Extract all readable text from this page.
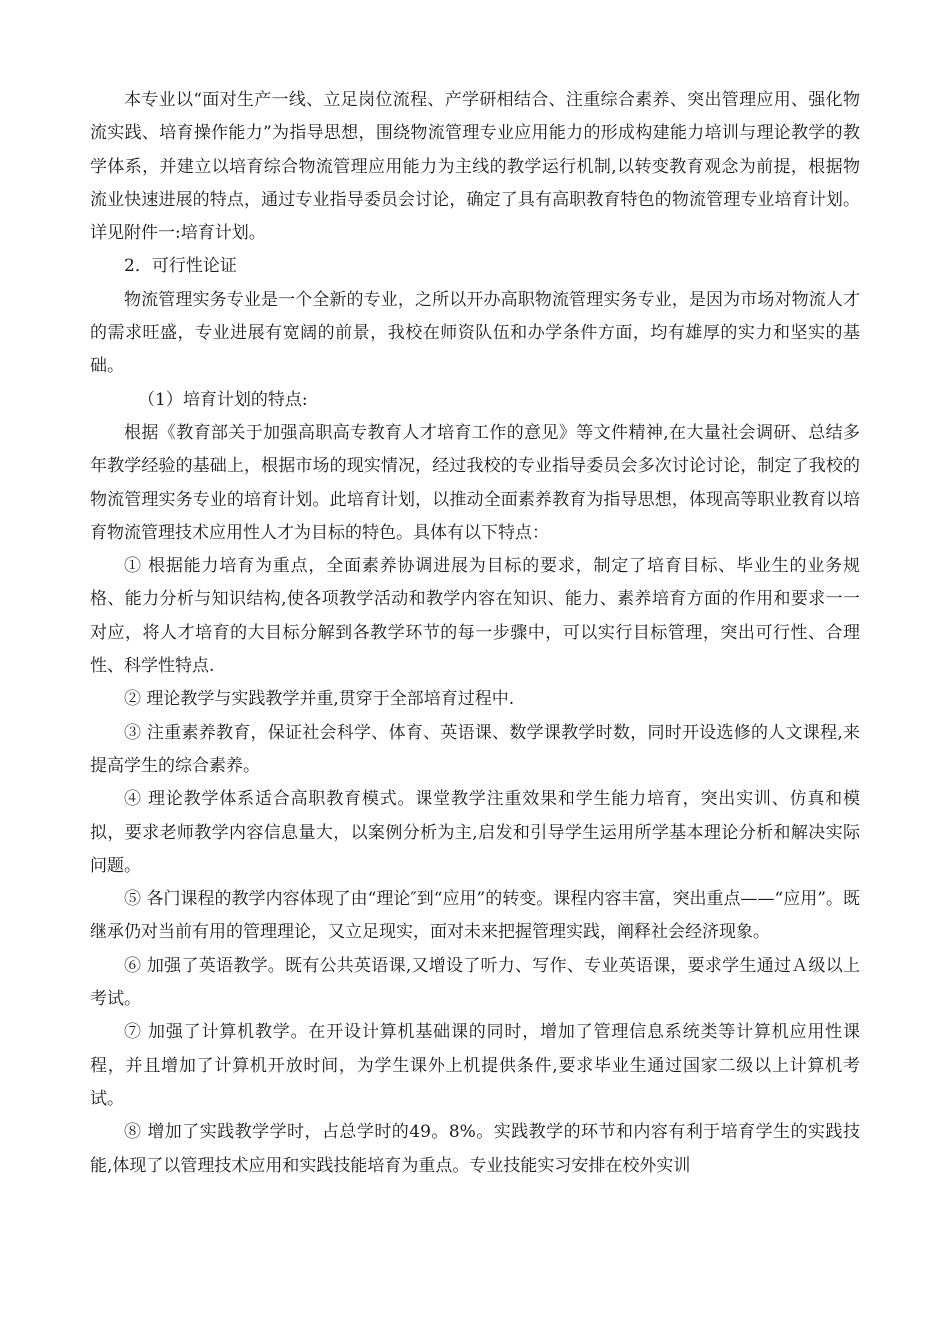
本专业以“面对生产一线、立足岗位流程、产学研相结合、注重综合素养、突出管理应用、强化物流实践、培育操作能力”为指导思想，围绕物流管理专业应用能力的形成构建能力培训与理论教学的教学体系，并建立以培育综合物流管理应用能力为主线的教学运行机制,以转变教育观念为前提，根据物流业快速进展的特点，通过专业指导委员会讨论，确定了具有高职教育特色的物流管理专业培育计划。详见附件一:培育计划。

2．可行性论证

物流管理实务专业是一个全新的专业，之所以开办高职物流管理实务专业，是因为市场对物流人才的需求旺盛，专业进展有宽阔的前景，我校在师资队伍和办学条件方面，均有雄厚的实力和坚实的基础。

（1）培育计划的特点:

根据《教育部关于加强高职高专教育人才培育工作的意见》等文件精神,在大量社会调研、总结多年教学经验的基础上，根据市场的现实情况，经过我校的专业指导委员会多次讨论讨论，制定了我校的物流管理实务专业的培育计划。此培育计划，以推动全面素养教育为指导思想，体现高等职业教育以培育物流管理技术应用性人才为目标的特色。具体有以下特点：

① 根据能力培育为重点，全面素养协调进展为目标的要求，制定了培育目标、毕业生的业务规格、能力分析与知识结构,使各项教学活动和教学内容在知识、能力、素养培育方面的作用和要求一一对应，将人才培育的大目标分解到各教学环节的每一步骤中，可以实行目标管理，突出可行性、合理性、科学性特点.

② 理论教学与实践教学并重,贯穿于全部培育过程中.

③ 注重素养教育，保证社会科学、体育、英语课、数学课教学时数，同时开设选修的人文课程,来提高学生的综合素养。

④ 理论教学体系适合高职教育模式。课堂教学注重效果和学生能力培育，突出实训、仿真和模拟，要求老师教学内容信息量大，以案例分析为主,启发和引导学生运用所学基本理论分析和解决实际问题。

⑤ 各门课程的教学内容体现了由“理论″到“应用”的转变。课程内容丰富，突出重点——“应用”。既继承仍对当前有用的管理理论，又立足现实，面对未来把握管理实践，阐释社会经济现象。

⑥ 加强了英语教学。既有公共英语课,又增设了听力、写作、专业英语课，要求学生通过Ａ级以上考试。

⑦ 加强了计算机教学。在开设计算机基础课的同时，增加了管理信息系统类等计算机应用性课程，并且增加了计算机开放时间，为学生课外上机提供条件,要求毕业生通过国家二级以上计算机考试。

⑧ 增加了实践教学学时，占总学时的49。8%。实践教学的环节和内容有利于培育学生的实践技能,体现了以管理技术应用和实践技能培育为重点。专业技能实习安排在校外实训
